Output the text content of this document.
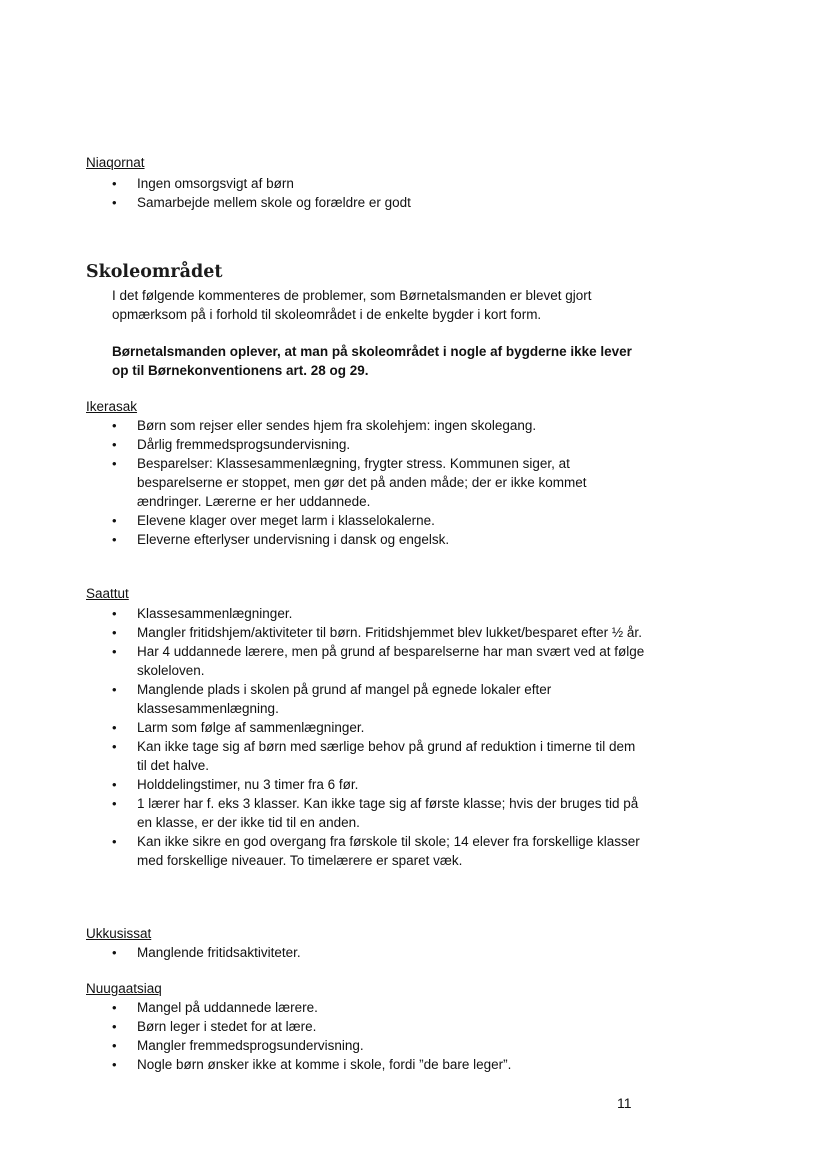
Niaqornat

• Ingen omsorgsvigt af børn
• Samarbejde mellem skole og forældre er godt
Skoleområdet

I det følgende kommenteres de problemer, som Børnetalsmanden er blevet gjort opmærksom på i forhold til skoleområdet i de enkelte bygder i kort form.

Børnetalsmanden oplever, at man på skoleområdet i nogle af bygderne ikke lever op til Børnekonventionens art. 28 og 29.

Ikerasak

• Børn som rejser eller sendes hjem fra skolehjem: ingen skolegang.
• Dårlig fremmedsprogsundervisning.
• Besparelser: Klassesammenlægning, frygter stress. Kommunen siger, at besparelserne er stoppet, men gør det på anden måde; der er ikke kommet ændringer. Lærerne er her uddannede.
• Elevene klager over meget larm i klasselokalerne.
• Eleverne efterlyser undervisning i dansk og engelsk.

Saattut

• Klassesammenlægninger.
• Mangler fritidshjem/aktiviteter til børn. Fritidshjemmet blev lukket/besparet efter ½ år.
• Har 4 uddannede lærere, men på grund af besparelserne har man svært ved at følge skoleloven.
• Manglende plads i skolen på grund af mangel på egnede lokaler efter klassesammenlægning.
• Larm som følge af sammenlægninger.
• Kan ikke tage sig af børn med særlige behov på grund af reduktion i timerne til dem til det halve.
• Holddelingstimer, nu 3 timer fra 6 før.
• 1 lærer har f. eks 3 klasser. Kan ikke tage sig af første klasse; hvis der bruges tid på en klasse, er der ikke tid til en anden.
• Kan ikke sikre en god overgang fra førskole til skole; 14 elever fra forskellige klasser med forskellige niveauer. To timelærere er sparet væk.

Ukkusissat

• Manglende fritidsaktiviteter.

Nuugaatsiaq

• Mangel på uddannede lærere.
• Børn leger i stedet for at lære.
• Mangler fremmedsprogsundervisning.
• Nogle børn ønsker ikke at komme i skole, fordi ”de bare leger”.

11
